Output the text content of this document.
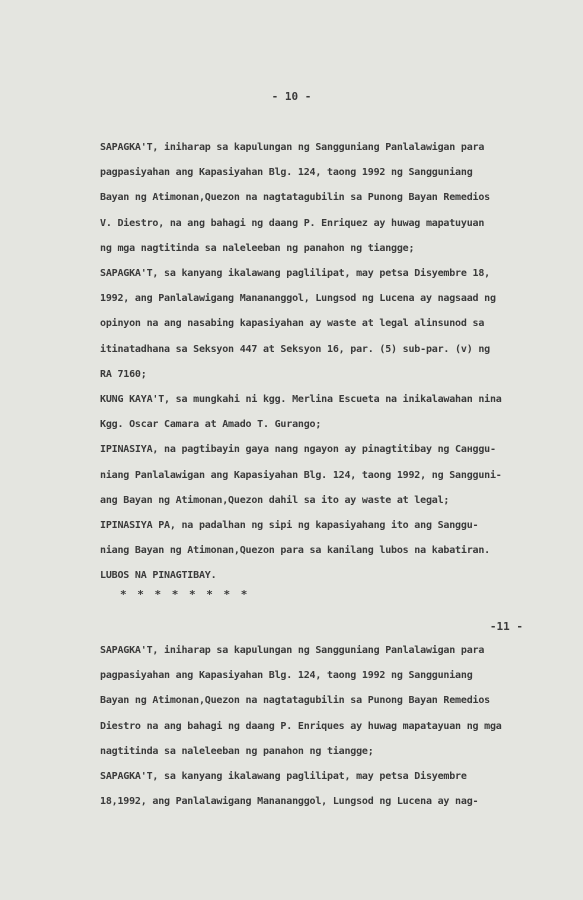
- 10 -
SAPAGKA'T, iniharap sa kapulungan ng Sangguniang Panlalawigan para
pagpasiyahan ang Kapasiyahan Blg. 124, taong 1992 ng Sangguniang
Bayan ng Atimonan,Quezon na nagtatagubilin sa Punong Bayan Remedios
V. Diestro, na ang bahagi ng daang P. Enriquez ay huwag mapatuyuan
ng mga nagtitinda sa naleleeban ng panahon ng tiangge;
SAPAGKA'T, sa kanyang ikalawang paglilipat, may petsa Disyembre 18,
1992, ang Panlalawigang Manananggol, Lungsod ng Lucena ay nagsaad ng
opinyon na ang nasabing kapasiyahan ay waste at legal alinsunod sa
itinatadhana sa Seksyon 447 at Seksyon 16, par. (5) sub-par. (v) ng
RA 7160;
KUNG KAYA'T, sa mungkahi ni kgg. Merlina Escueta na inikalawahan nina
Kgg. Oscar Camara at Amado T. Gurango;
IPINASIYA, na pagtibayin gaya nang ngayon ay pinagtitibay ng Санggu-
niang Panlalawigan ang Kapasiyahan Blg. 124, taong 1992, ng Sanggunі-
ang Bayan ng Atimonan,Quezon dahil sa ito ay waste at legal;
IPINASIYA PA, na padalhan ng sipi ng kapasiyahang ito ang Sanggu-
niang Bayan ng Atimonan,Quezon para sa kanilang lubos na kabatiran.
LUBOS NA PINAGTIBAY.
* * * * * * * *
-11 -
SAPAGKA'T, iniharap sa kapulungan ng Sangguniang Panlalawigan para
pagpasiyahan ang Kapasiyahan Blg. 124, taong 1992 ng Sangguniang
Bayan ng Atimonan,Quezon na nagtatagubilin sa Punong Bayan Remedios
Diestro na ang bahagi ng daang P. Enriques ay huwag mapatayuan ng mga
nagtitinda sa naleleeban ng panahon ng tiangge;
SAPAGKA'T, sa kanyang ikalawang paglilipat, may petsa Disyembre
18,1992, ang Panlalawigang Manananggol, Lungsod ng Lucena ay nag-
